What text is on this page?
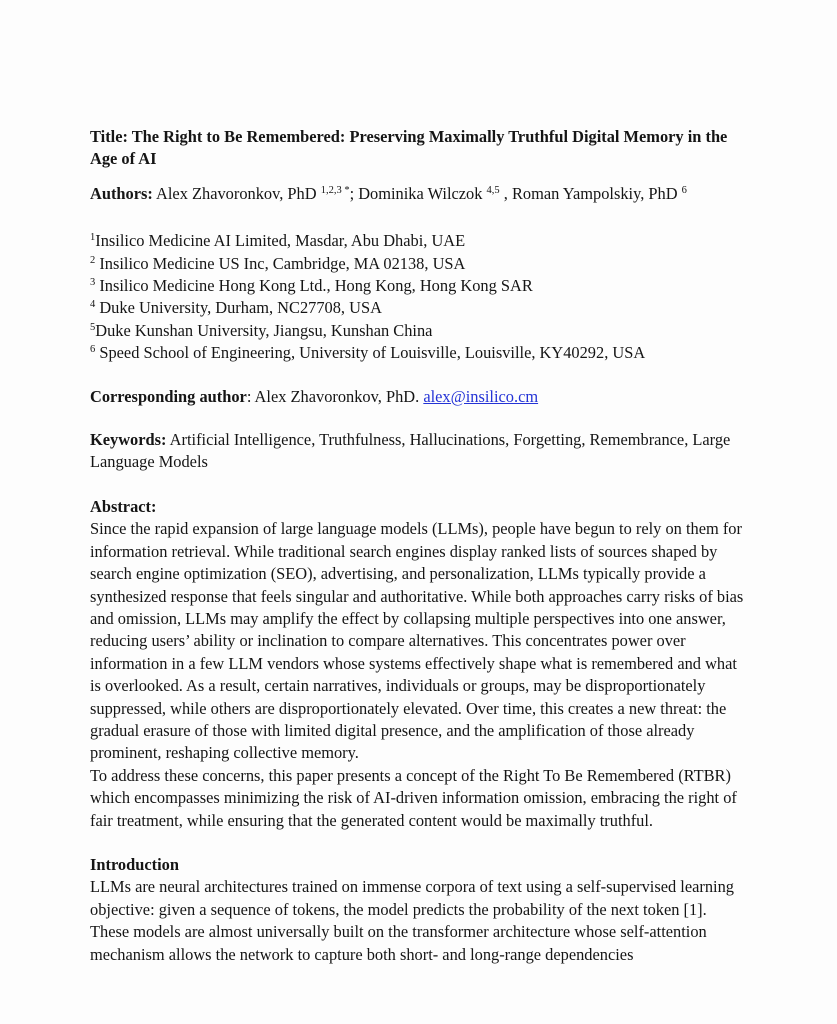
Title: The Right to Be Remembered: Preserving Maximally Truthful Digital Memory in the Age of AI

Authors: Alex Zhavoronkov, PhD $^{1,2,3 *}$; Dominika Wilczok $^{4,5}$ , Roman Yampolskiy, PhD $^6$

$^1$Insilico Medicine AI Limited, Masdar, Abu Dhabi, UAE

$^2$ Insilico Medicine US Inc, Cambridge, MA 02138, USA

$^3$ Insilico Medicine Hong Kong Ltd., Hong Kong, Hong Kong SAR

$^4$ Duke University, Durham, NC27708, USA

$^5$Duke Kunshan University, Jiangsu, Kunshan China

$^6$ Speed School of Engineering, University of Louisville, Louisville, KY40292, USA

Corresponding author: Alex Zhavoronkov, PhD. alex@insilico.cm

Keywords: Artificial Intelligence, Truthfulness, Hallucinations, Forgetting, Remembrance, Large Language Models

Abstract:

Since the rapid expansion of large language models (LLMs), people have begun to rely on them for information retrieval. While traditional search engines display ranked lists of sources shaped by search engine optimization (SEO), advertising, and personalization, LLMs typically provide a synthesized response that feels singular and authoritative. While both approaches carry risks of bias and omission, LLMs may amplify the effect by collapsing multiple perspectives into one answer, reducing users’ ability or inclination to compare alternatives. This concentrates power over information in a few LLM vendors whose systems effectively shape what is remembered and what is overlooked. As a result, certain narratives, individuals or groups, may be disproportionately suppressed, while others are disproportionately elevated. Over time, this creates a new threat: the gradual erasure of those with limited digital presence, and the amplification of those already prominent, reshaping collective memory.

To address these concerns, this paper presents a concept of the Right To Be Remembered (RTBR) which encompasses minimizing the risk of AI-driven information omission, embracing the right of fair treatment, while ensuring that the generated content would be maximally truthful.

Introduction

LLMs are neural architectures trained on immense corpora of text using a self-supervised learning objective: given a sequence of tokens, the model predicts the probability of the next token [1]. These models are almost universally built on the transformer architecture whose self-attention mechanism allows the network to capture both short- and long-range dependencies
